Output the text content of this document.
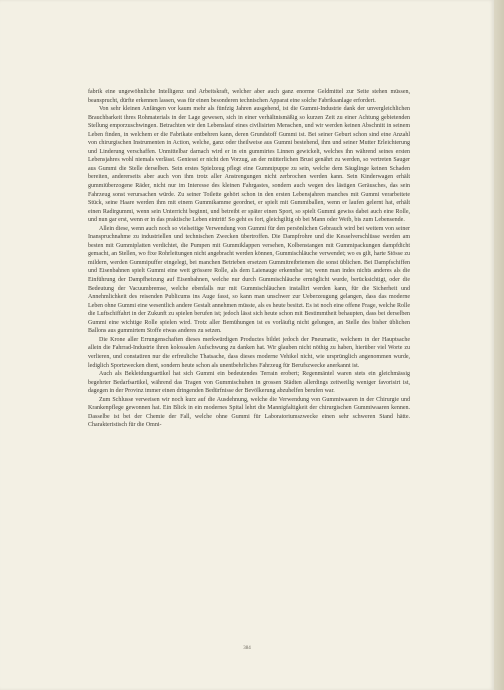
fabrik eine ungewöhnliche Intelligenz und Arbeitskraft, welcher aber auch ganz enorme Geldmittel zur Seite stehen müssen, beansprucht, dürfte erkennen lassen, was für einen besonderen technischen Apparat eine solche Fabriksanlage erfordert.

Von sehr kleinen Anfängen vor kaum mehr als fünfzig Jahren ausgehend, ist die Gummi-Industrie dank der unvergleichlichen Brauchbarkeit ihres Rohmaterials in der Lage gewesen, sich in einer verhältnismäßig so kurzen Zeit zu einer Achtung gebietenden Stellung emporzuschwingen. Betrachten wir den Lebenslauf eines civilisirten Menschen, und wir werden keinen Abschnitt in seinem Leben finden, in welchem er die Fabrikate entbehren kann, deren Grundstoff Gummi ist. Bei seiner Geburt schon sind eine Anzahl von chirurgischen Instrumenten in Action, welche, ganz oder theilweise aus Gummi bestehend, ihm und seiner Mutter Erleichterung und Linderung verschaffen. Unmittelbar darnach wird er in ein gummirtes Linnen gewickelt, welches ihn während seines ersten Lebensjahres wohl niemals verlässt. Geniesst er nicht den Vorzug, an der mütterlichen Brust genährt zu werden, so vertreten Sauger aus Gummi die Stelle derselben. Sein erstes Spielzeug pflegt eine Gummipuppe zu sein, welche dem Säuglinge keinen Schaden bereiten, andererseits aber auch von ihm trotz aller Anstrengungen nicht zerbrochen werden kann. Sein Kinderwagen erhält gummiüberzogene Räder, nicht nur im Interesse des kleinen Fahrgastes, sondern auch wegen des lästigen Geräusches, das sein Fahrzeug sonst verursachen würde. Zu seiner Toilette gehört schon in den ersten Lebensjahren manches mit Gummi verarbeitete Stück, seine Haare werden ihm mit einem Gummikamme geordnet, er spielt mit Gummiballen, wenn er laufen gelernt hat, erhält einen Radirgummi, wenn sein Unterricht beginnt, und betreibt er später einen Sport, so spielt Gummi gewiss dabei auch eine Rolle, und nun gar erst, wenn er in das praktische Leben eintritt! So geht es fort, gleichgiltig ob bei Mann oder Weib, bis zum Lebensende.

Allein diese, wenn auch noch so vielseitige Verwendung von Gummi für den persönlichen Gebrauch wird bei weitem von seiner Inanspruchnahme zu industriellen und technischen Zwecken übertroffen. Die Dampfrohre und die Kesselverschlüsse werden am besten mit Gummiplatten verdichtet, die Pumpen mit Gummiklappen versehen, Kolbenstangen mit Gummipackungen dampfdicht gemacht, an Stellen, wo fixe Rohrleitungen nicht angebracht werden können, Gummischläuche verwendet; wo es gilt, harte Stösse zu mildern, werden Gummipuffer eingelegt, bei manchen Betrieben ersetzen Gummitreibriemen die sonst üblichen. Bei Dampfschiffen und Eisenbahnen spielt Gummi eine weit grössere Rolle, als dem Laienauge erkennbar ist; wenn man indes nichts anderes als die Einführung der Dampfheizung auf Eisenbahnen, welche nur durch Gummischläuche ermöglicht wurde, berücksichtigt, oder die Bedeutung der Vacuumbremse, welche ebenfalls nur mit Gummischläuchen installirt werden kann, für die Sicherheit und Annehmlichkeit des reisenden Publicums ins Auge fasst, so kann man unschwer zur Ueberzeugung gelangen, dass das moderne Leben ohne Gummi eine wesentlich andere Gestalt annehmen müsste, als es heute besitzt. Es ist noch eine offene Frage, welche Rolle die Luftschiffahrt in der Zukunft zu spielen berufen ist; jedoch lässt sich heute schon mit Bestimmtheit behaupten, dass bei derselben Gummi eine wichtige Rolle spielen wird. Trotz aller Bemühungen ist es vorläufig nicht gelungen, an Stelle des bisher üblichen Ballons aus gummirtem Stoffe etwas anderes zu setzen.

Die Krone aller Errungenschaften dieses merkwürdigen Productes bildet jedoch der Pneumatic, welchem in der Hauptsache allein die Fahrrad-Industrie ihren kolossalen Aufschwung zu danken hat. Wir glauben nicht nöthig zu haben, hierüber viel Worte zu verlieren, und constatiren nur die erfreuliche Thatsache, dass dieses moderne Vehikel nicht, wie ursprünglich angenommen wurde, lediglich Sportzwecken dient, sondern heute schon als unentbehrliches Fahrzeug für Berufszwecke anerkannt ist.

Auch als Bekleidungsartikel hat sich Gummi ein bedeutendes Terrain erobert; Regenmäntel waren stets ein gleichmässig begehrter Bedarfsartikel, während das Tragen von Gummischuhen in grossen Städten allerdings zeitweilig weniger favorisirt ist, dagegen in der Provinz immer einen dringenden Bedürfnisse der Bevölkerung abzuhelfen berufen war.

Zum Schlusse verweisen wir noch kurz auf die Ausdehnung, welche die Verwendung von Gummiwaaren in der Chirurgie und Krankenpflege gewonnen hat. Ein Blick in ein modernes Spital lehrt die Mannigfaltigkeit der chirurgischen Gummiwaaren kennen. Dasselbe ist bei der Chemie der Fall, welche ohne Gummi für Laboratoriumszwecke einen sehr schweren Stand hätte. Charakteristisch für die Omni-

384
